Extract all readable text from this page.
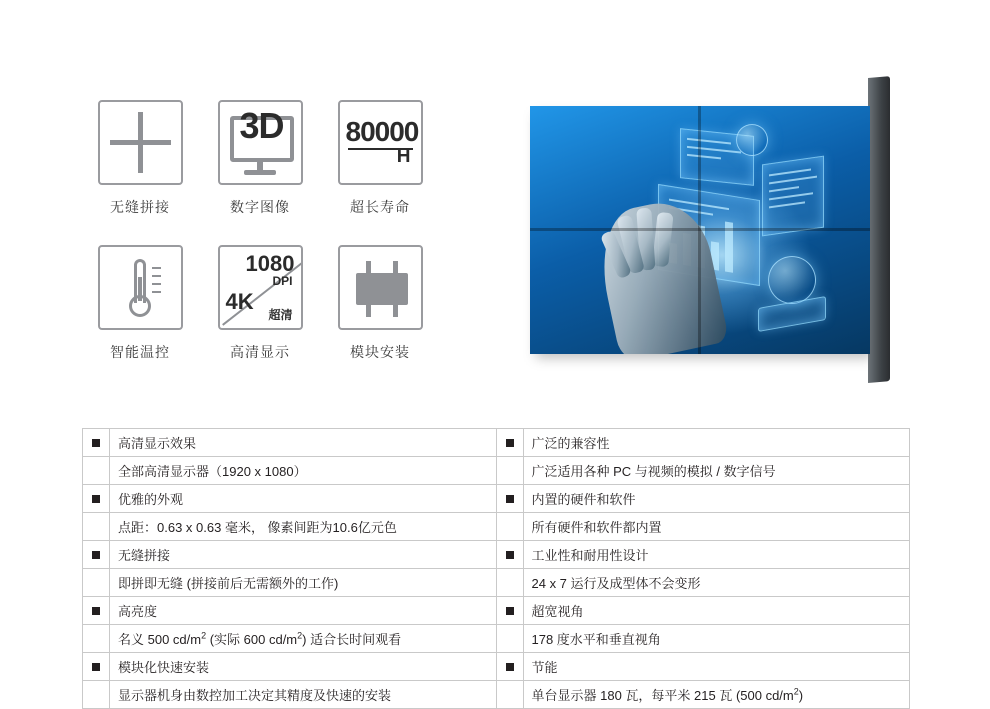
无缝拼接
3D
数字图像
80000
H
超长寿命
智能温控
1080
DPI
4K
超清
高清显示	模块安装
	高清显示效果		广泛的兼容性
	全部高清显示器（1920 x 1080）		广泛适用各种 PC 与视频的模拟 / 数字信号
	优雅的外观		内置的硬件和软件
	点距：0.63 x 0.63 毫米， 像素间距为10.6亿元色		所有硬件和软件都内置
	无缝拼接		工业性和耐用性设计
	即拼即无缝 (拼接前后无需额外的工作)		24 x 7 运行及成型体不会变形
	高亮度		超宽视角
	名义 500 $cd/m^2$ (实际 600 $cd/m^2$) 适合长时间观看		178 度水平和垂直视角
	模块化快速安装		节能
	显示器机身由数控加工决定其精度及快速的安装		单台显示器 180 瓦，每平米 215 瓦 (500 $cd/m^2$)
